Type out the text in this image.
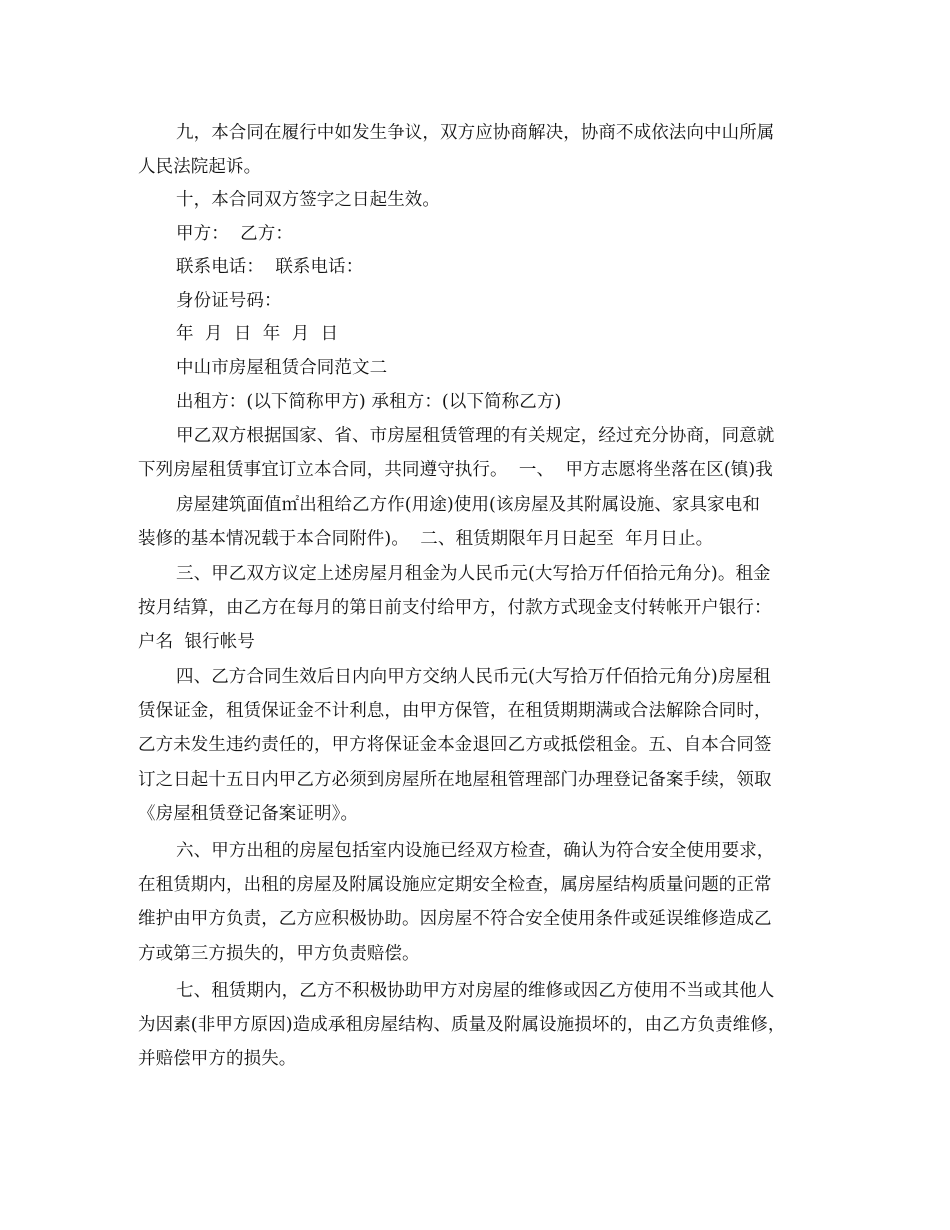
九，本合同在履行中如发生争议，双方应协商解决，协商不成依法向中山所属
人民法院起诉。
十，本合同双方签字之日起生效。
甲方：  乙方：
联系电话：  联系电话：
身份证号码：
年  月  日  年  月  日
中山市房屋租赁合同范文二
出租方：(以下简称甲方) 承租方：(以下简称乙方)
甲乙双方根据国家、省、市房屋租赁管理的有关规定，经过充分协商，同意就
下列房屋租赁事宜订立本合同，共同遵守执行。  一、  甲方志愿将坐落在区(镇)我
房屋建筑面值㎡出租给乙方作(用途)使用(该房屋及其附属设施、家具家电和
装修的基本情况载于本合同附件)。  二、租赁期限年月日起至  年月日止。
三、甲乙双方议定上述房屋月租金为人民币元(大写拾万仟佰拾元角分)。租金
按月结算，由乙方在每月的第日前支付给甲方，付款方式现金支付转帐开户银行：
户名  银行帐号
四、乙方合同生效后日内向甲方交纳人民币元(大写拾万仟佰拾元角分)房屋租
赁保证金，租赁保证金不计利息，由甲方保管，在租赁期期满或合法解除合同时，
乙方未发生违约责任的，甲方将保证金本金退回乙方或抵偿租金。五、自本合同签
订之日起十五日内甲乙方必须到房屋所在地屋租管理部门办理登记备案手续，领取
《房屋租赁登记备案证明》。
六、甲方出租的房屋包括室内设施已经双方检查，确认为符合安全使用要求，
在租赁期内，出租的房屋及附属设施应定期安全检查，属房屋结构质量问题的正常
维护由甲方负责，乙方应积极协助。因房屋不符合安全使用条件或延误维修造成乙
方或第三方损失的，甲方负责赔偿。
七、租赁期内，乙方不积极协助甲方对房屋的维修或因乙方使用不当或其他人
为因素(非甲方原因)造成承租房屋结构、质量及附属设施损坏的，由乙方负责维修，
并赔偿甲方的损失。
